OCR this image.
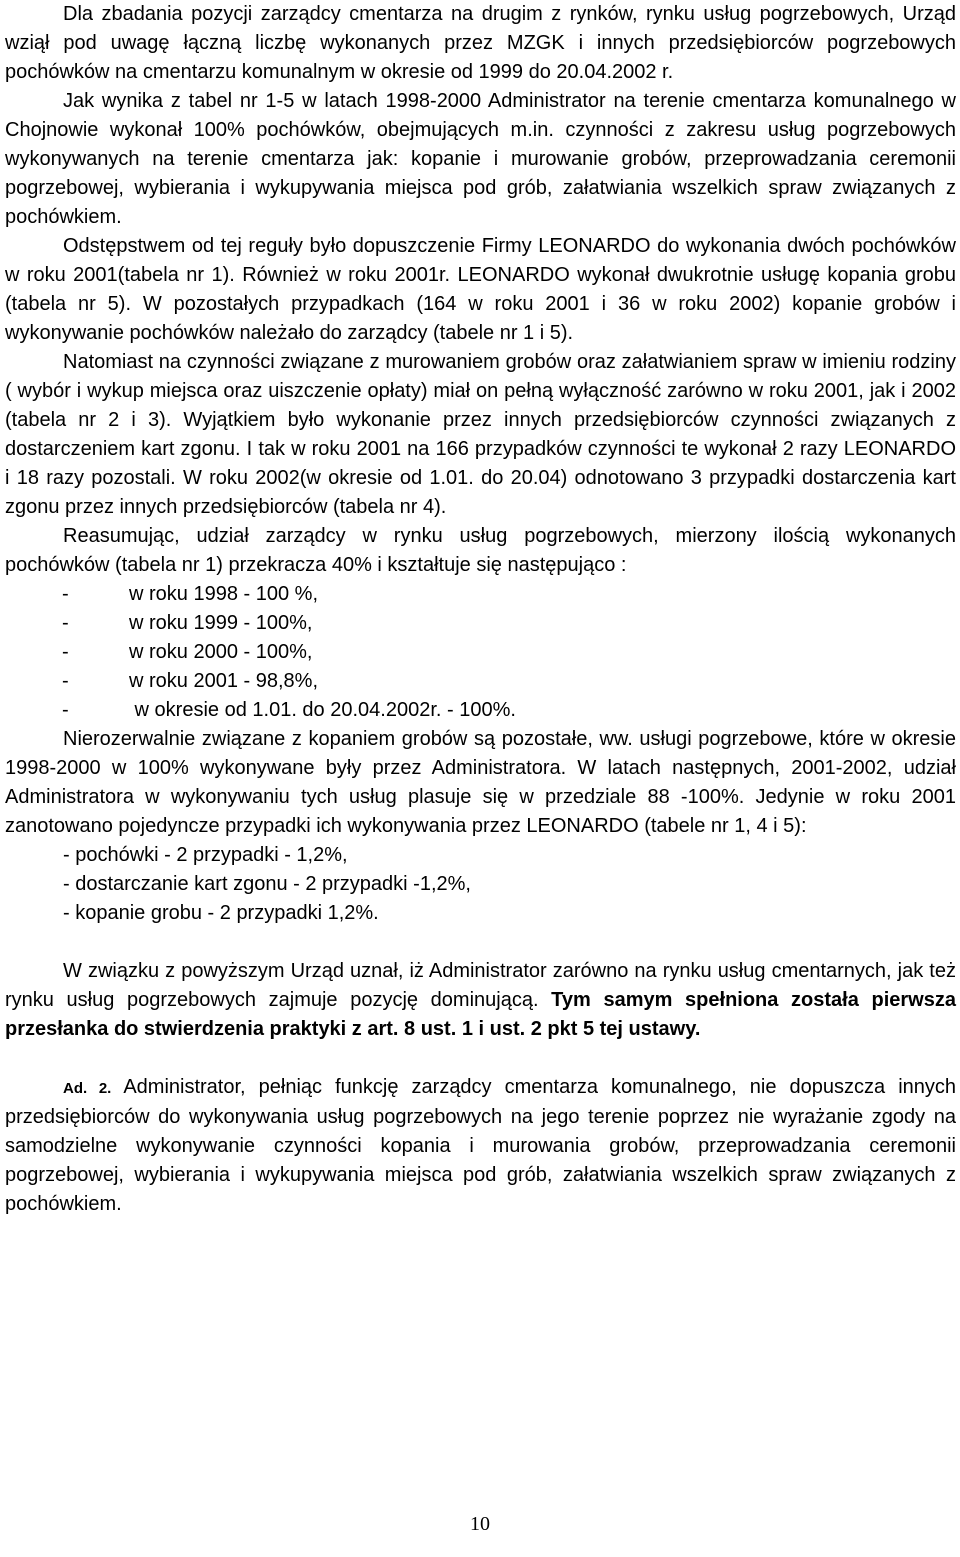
Dla zbadania pozycji zarządcy cmentarza na drugim z rynków, rynku usług pogrzebowych, Urząd wziął pod uwagę łączną liczbę wykonanych przez MZGK i innych przedsiębiorców pogrzebowych pochówków na cmentarzu komunalnym w okresie od 1999 do 20.04.2002 r.

Jak wynika z tabel nr 1-5 w latach 1998-2000 Administrator na terenie cmentarza komunalnego w Chojnowie wykonał 100% pochówków, obejmujących m.in. czynności z zakresu usług pogrzebowych wykonywanych na terenie cmentarza jak: kopanie i murowanie grobów, przeprowadzania ceremonii pogrzebowej, wybierania i wykupywania miejsca pod grób, załatwiania wszelkich spraw związanych z pochówkiem.

Odstępstwem od tej reguły było dopuszczenie Firmy LEONARDO do wykonania dwóch pochówków w roku 2001(tabela nr 1). Również w roku 2001r. LEONARDO wykonał dwukrotnie usługę kopania grobu (tabela nr 5). W pozostałych przypadkach (164 w roku 2001 i 36 w roku 2002) kopanie grobów i wykonywanie pochówków należało do zarządcy (tabele nr 1 i 5).

Natomiast na czynności związane z murowaniem grobów oraz załatwianiem spraw w imieniu rodziny ( wybór i wykup miejsca oraz uiszczenie opłaty) miał on pełną wyłączność zarówno w roku 2001, jak i 2002 (tabela nr 2 i 3). Wyjątkiem było wykonanie przez innych przedsiębiorców czynności związanych z dostarczeniem kart zgonu. I tak w roku 2001 na 166 przypadków czynności te wykonał 2 razy LEONARDO i 18 razy pozostali. W roku 2002(w okresie od 1.01. do 20.04) odnotowano 3 przypadki dostarczenia kart zgonu przez innych przedsiębiorców (tabela nr 4).

Reasumując, udział zarządcy w rynku usług pogrzebowych, mierzony ilością wykonanych pochówków (tabela nr 1) przekracza 40% i kształtuje się następująco :

-	w roku 1998 - 100 %,
-	w roku 1999 - 100%,
-	w roku 2000 - 100%,
-	w roku 2001 - 98,8%,
-	w okresie od 1.01. do 20.04.2002r. - 100%.

Nierozerwalnie związane z kopaniem grobów są pozostałe, ww. usługi pogrzebowe, które w okresie 1998-2000 w 100% wykonywane były przez Administratora. W latach następnych, 2001-2002, udział Administratora w wykonywaniu tych usług plasuje się w przedziale 88 -100%. Jedynie w roku 2001 zanotowano pojedyncze przypadki ich wykonywania przez LEONARDO (tabele nr 1, 4 i 5):

- pochówki - 2 przypadki - 1,2%,
- dostarczanie kart zgonu - 2 przypadki -1,2%,
- kopanie grobu - 2 przypadki 1,2%.

W związku z powyższym Urząd uznał, iż Administrator zarówno na rynku usług cmentarnych, jak też rynku usług pogrzebowych zajmuje pozycję dominującą. Tym samym spełniona została pierwsza przesłanka do stwierdzenia praktyki z art. 8 ust. 1 i ust. 2 pkt 5 tej ustawy.

Ad. 2. Administrator, pełniąc funkcję zarządcy cmentarza komunalnego, nie dopuszcza innych przedsiębiorców do wykonywania usług pogrzebowych na jego terenie poprzez nie wyrażanie zgody na samodzielne wykonywanie czynności kopania i murowania grobów, przeprowadzania ceremonii pogrzebowej, wybierania i wykupywania miejsca pod grób, załatwiania wszelkich spraw związanych z pochówkiem.

10
